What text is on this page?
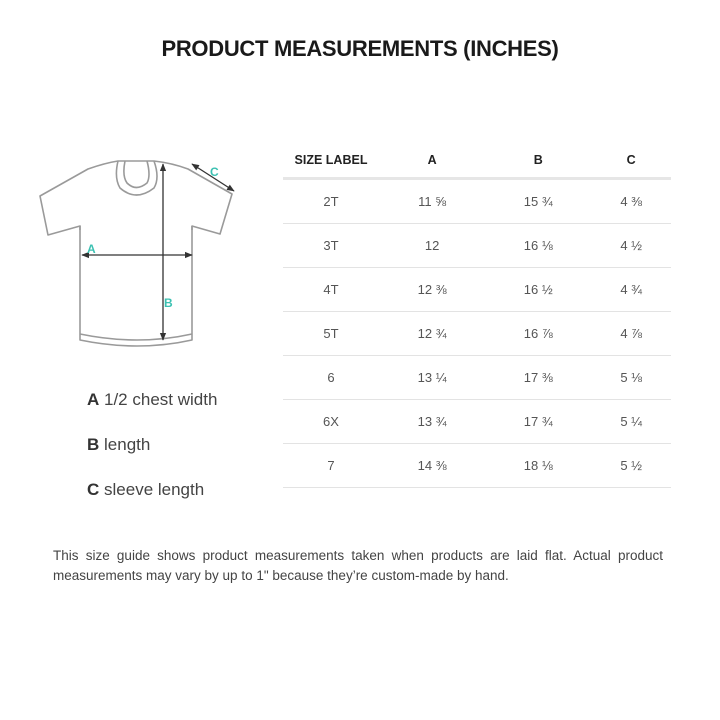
PRODUCT MEASUREMENTS (INCHES)
A
B
C
A 1/2 chest width
B length
C sleeve length
SIZE LABEL	A	B	C
2T	11 ⅝	15 ¾	4 ⅜
3T	12	16 ⅛	4 ½
4T	12 ⅜	16 ½	4 ¾
5T	12 ¾	16 ⅞	4 ⅞
6	13 ¼	17 ⅜	5 ⅛
6X	13 ¾	17 ¾	5 ¼
7	14 ⅜	18 ⅛	5 ½
This size guide shows product measurements taken when products are laid flat. Actual product measurements may vary by up to 1" because they’re custom-made by hand.
